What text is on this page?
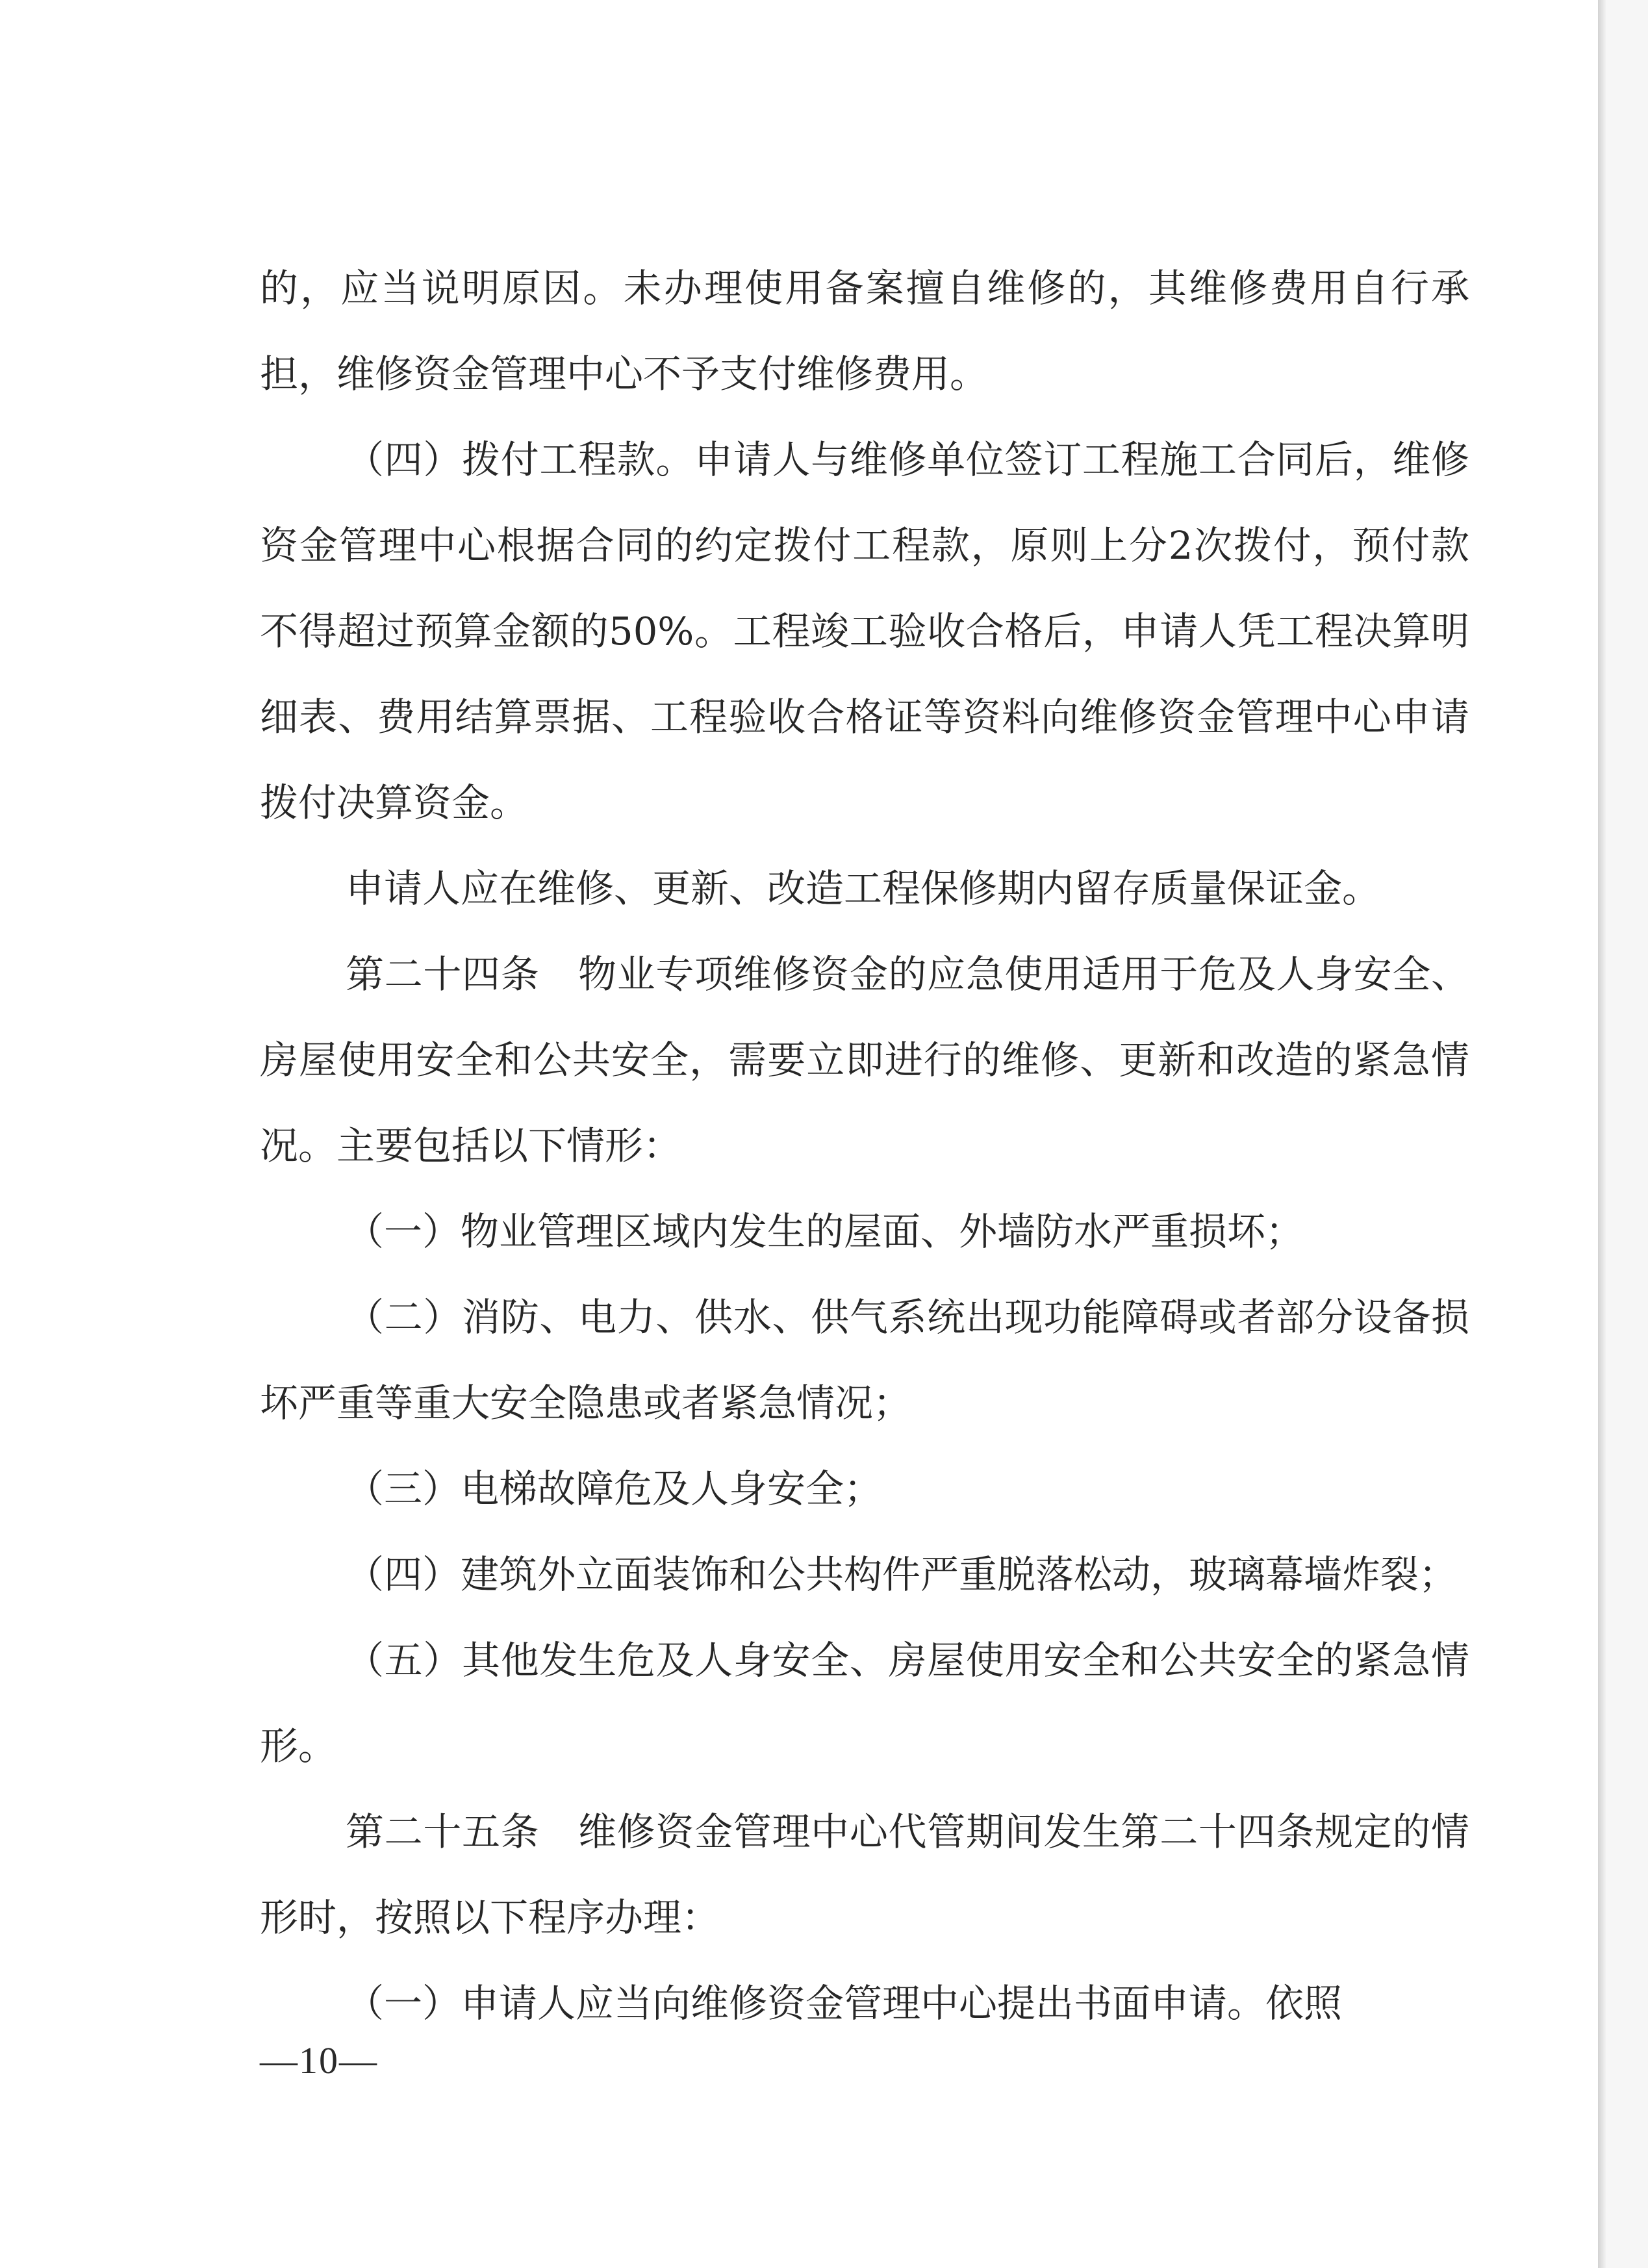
的，应当说明原因。未办理使用备案擅自维修的，其维修费用自行承担，维修资金管理中心不予支付维修费用。

（四）拨付工程款。申请人与维修单位签订工程施工合同后，维修资金管理中心根据合同的约定拨付工程款，原则上分2次拨付，预付款不得超过预算金额的50%。工程竣工验收合格后，申请人凭工程决算明细表、费用结算票据、工程验收合格证等资料向维修资金管理中心申请拨付决算资金。

申请人应在维修、更新、改造工程保修期内留存质量保证金。

第二十四条　物业专项维修资金的应急使用适用于危及人身安全、房屋使用安全和公共安全，需要立即进行的维修、更新和改造的紧急情况。主要包括以下情形：

（一）物业管理区域内发生的屋面、外墙防水严重损坏；

（二）消防、电力、供水、供气系统出现功能障碍或者部分设备损坏严重等重大安全隐患或者紧急情况；

（三）电梯故障危及人身安全；

（四）建筑外立面装饰和公共构件严重脱落松动，玻璃幕墙炸裂；

（五）其他发生危及人身安全、房屋使用安全和公共安全的紧急情形。

第二十五条　维修资金管理中心代管期间发生第二十四条规定的情形时，按照以下程序办理：

（一）申请人应当向维修资金管理中心提出书面申请。依照

—10—
